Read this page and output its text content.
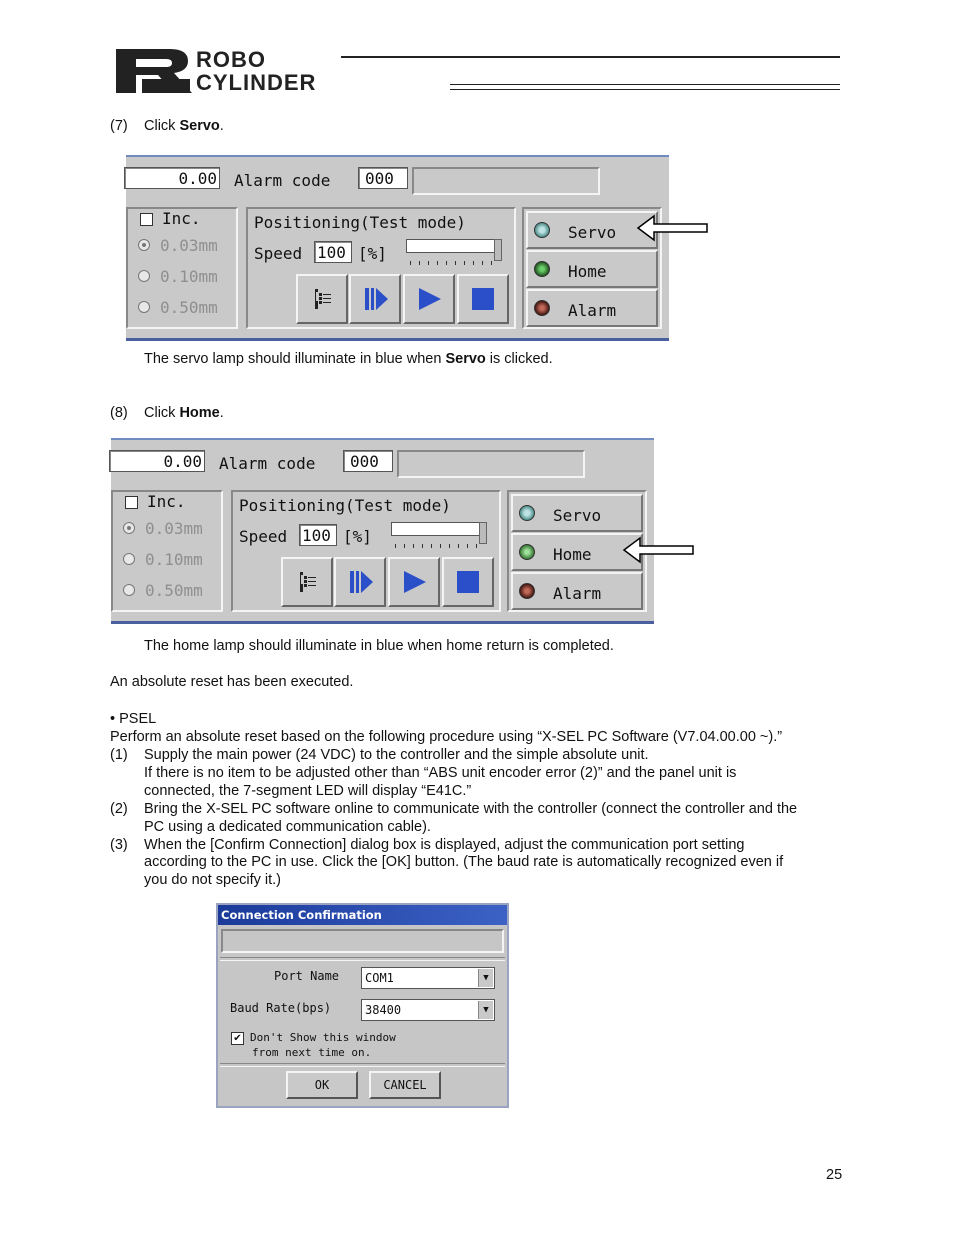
ROBO
CYLINDER
(7) Click Servo.
0.00 Alarm code	000
Inc.
0.03mm
0.10mm
0.50mm
Positioning(Test mode)
Speed 100 [%]
Servo
Home
Alarm
The servo lamp should illuminate in blue when Servo is clicked.
(8) Click Home.
0.00 Alarm code	000
Inc.
0.03mm
0.10mm
0.50mm
Positioning(Test mode)
Speed 100 [%]
Servo
Home
Alarm
The home lamp should illuminate in blue when home return is completed.
An absolute reset has been executed.
• PSEL
Perform an absolute reset based on the following procedure using “X-SEL PC Software (V7.04.00.00 ~).”
(1) Supply the main power (24 VDC) to the controller and the simple absolute unit.
If there is no item to be adjusted other than “ABS unit encoder error (2)” and the panel unit is
connected, the 7-segment LED will display “E41C.”
(2) Bring the X-SEL PC software online to communicate with the controller (connect the controller and the
PC using a dedicated communication cable).
(3) When the [Confirm Connection] dialog box is displayed, adjust the communication port setting
according to the PC in use. Click the [OK] button. (The baud rate is automatically recognized even if
you do not specify it.)
Connection Confirmation
Port Name	COM1	▼
Baud Rate(bps)	38400	▼
✔ Don't Show this window
from next time on.
OK	CANCEL
25
